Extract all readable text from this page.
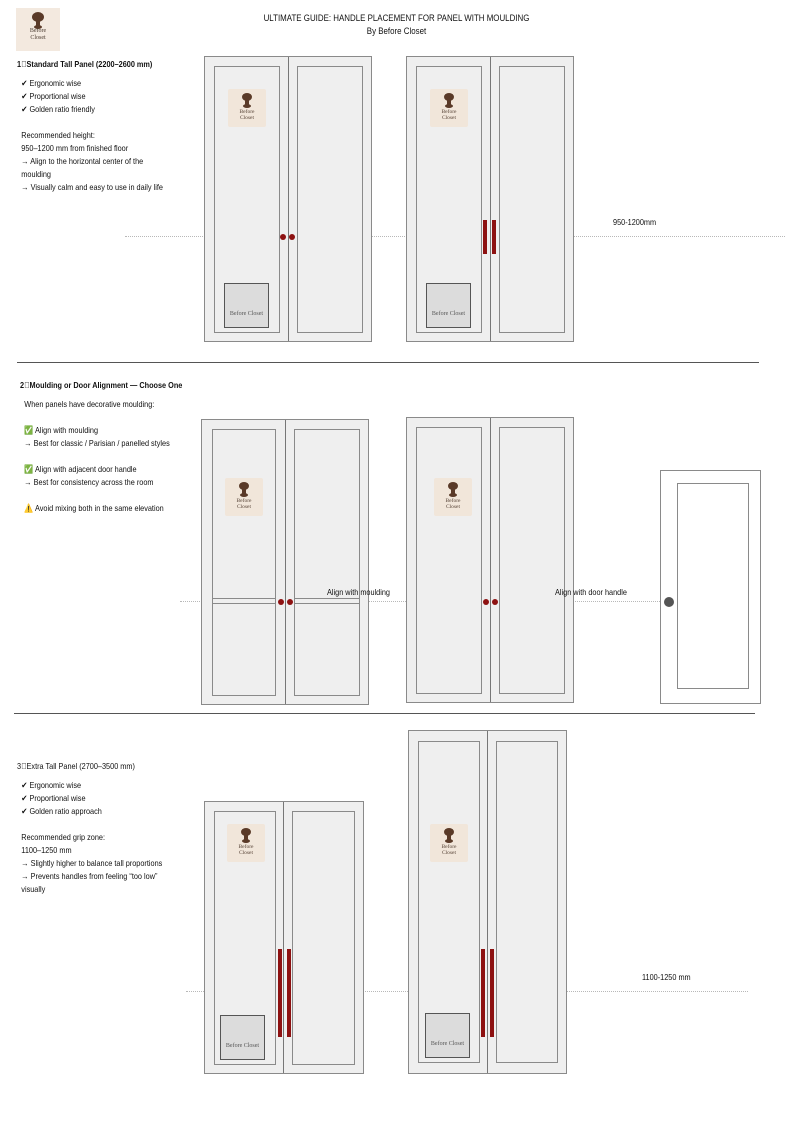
Before
Closet
ULTIMATE GUIDE: HANDLE PLACEMENT FOR PANEL WITH MOULDING
By Before Closet
1⃣Standard Tall Panel (2200–2600 mm)
✔ Ergonomic wise
✔ Proportional wise
✔ Golden ratio friendly
Recommended height:
950–1200 mm from finished floor
→ Align to the horizontal center of the
moulding
→ Visually calm and easy to use in daily life
Before
Closet
Before Closet
Before
Closet
Before Closet
950-1200mm
2⃣Moulding or Door Alignment — Choose One
When panels have decorative moulding:
✅ Align with moulding
→ Best for classic / Parisian / panelled styles
✅ Align with adjacent door handle
→ Best for consistency across the room
⚠️ Avoid mixing both in the same elevation
Before
Closet
Align with moulding
Before
Closet
Align with door handle
3⃣Extra Tall Panel (2700–3500 mm)
✔ Ergonomic wise
✔ Proportional wise
✔ Golden ratio approach
Recommended grip zone:
1100–1250 mm
→ Slightly higher to balance tall proportions
→ Prevents handles from feeling “too low”
visually
Before
Closet
Before Closet
Before
Closet
Before Closet
1100-1250 mm
